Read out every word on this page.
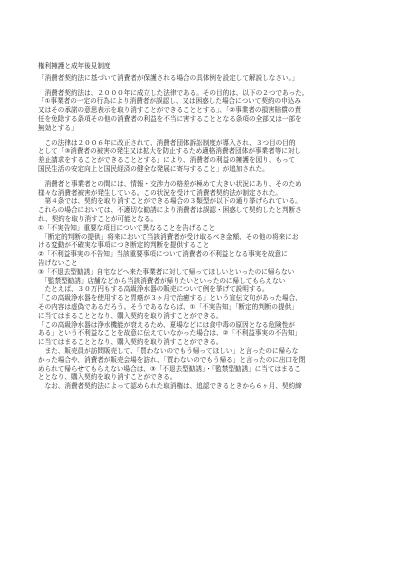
権利擁護と成年後見制度
「消費者契約法に基づいて消費者が保護される場合の具体例を設定して解説しなさい。」
　消費者契約法は、２０００年に成立した法律である。その目的は、以下の２つであった。
「①事業者の一定の行為により消費者が誤認し、又は困惑した場合について契約の申込み
又はその承諾の意思表示を取り消すことができることとする」、「②事業者の損害賠償の責
任を免除する条項その他の消費者の利益を不当に害することとなる条項の全部又は一部を
無効とする」
　この法律は２００６年に改正されて、消費者団体訴訟制度が導入され、３つ目の目的
として「③消費者の被害の発生又は拡大を防止するため適格消費者団体が事業者等に対し
差止請求をすることができることとする」により、消費者の利益の擁護を図り、もって
国民生活の安定向上と国民経済の健全な発展に寄与すること」が追加された。
　消費者と事業者との間には、情報・交渉力の格差が極めて大きい状況にあり、そのため
様々な消費者被害が発生している。この状況を受けて消費者契約法が制定された。
　第４条では、契約を取り消すことができる場合の３類型が以下の通り挙げられている。
これらの場合においては、不適切な勧誘により消費者は誤認・困惑して契約したと判断さ
れ、契約を取り消すことが可能となる。
①「不実告知」重要な項目について異なることを告げること
　「断定的判断の提供」将来において当該消費者が受け取るべき金額、その他の将来にお
ける変動が不確実な事項につき断定的判断を提供すること
②「不利益事実の不告知」当該重要事項について消費者の不利益となる事実を故意に
告げないこと
③「不退去型勧誘」自宅などへ来た事業者に対して帰ってほしいといったのに帰らない
　「監禁型勧誘」店舗などから当該消費者が帰りたいといったのに帰してもらえない
　たとえば、３０万円もする高級浄水器の販売について例を挙げて説明する。
「この高級浄水器を使用すると胃癌が３ヶ月で治癒する」という宣伝文句があった場合、
その内容は虚偽であるだろう。そうであるならば、①「不実告知」「断定的判断の提供」
に当てはまることとなり、購入契約を取り消すことができる。
「この高級浄水器は浄水機能が衰えるため、夏場などには食中毒の原因となる危険性が
ある」という不利益なことを故意に伝えていなかった場合は、②「不利益事実の不告知」
に当てはまることとなり、購入契約を取り消すことができる。
　また、販売員が訪問販売して、「買わないのでもう帰ってほしい」と言ったのに帰らな
かった場合や、消費者が販売会場を訪れ、「買わないのでもう帰る」と言ったのに出口を閉
められて帰らせてもらえない場合は、③「不退去型勧誘」・「監禁型勧誘」に当てはまるこ
ととなり、購入契約を取り消すことができる。
　なお、消費者契約法によって認められた取消権は、追認できるときから６ヶ月、契約締
